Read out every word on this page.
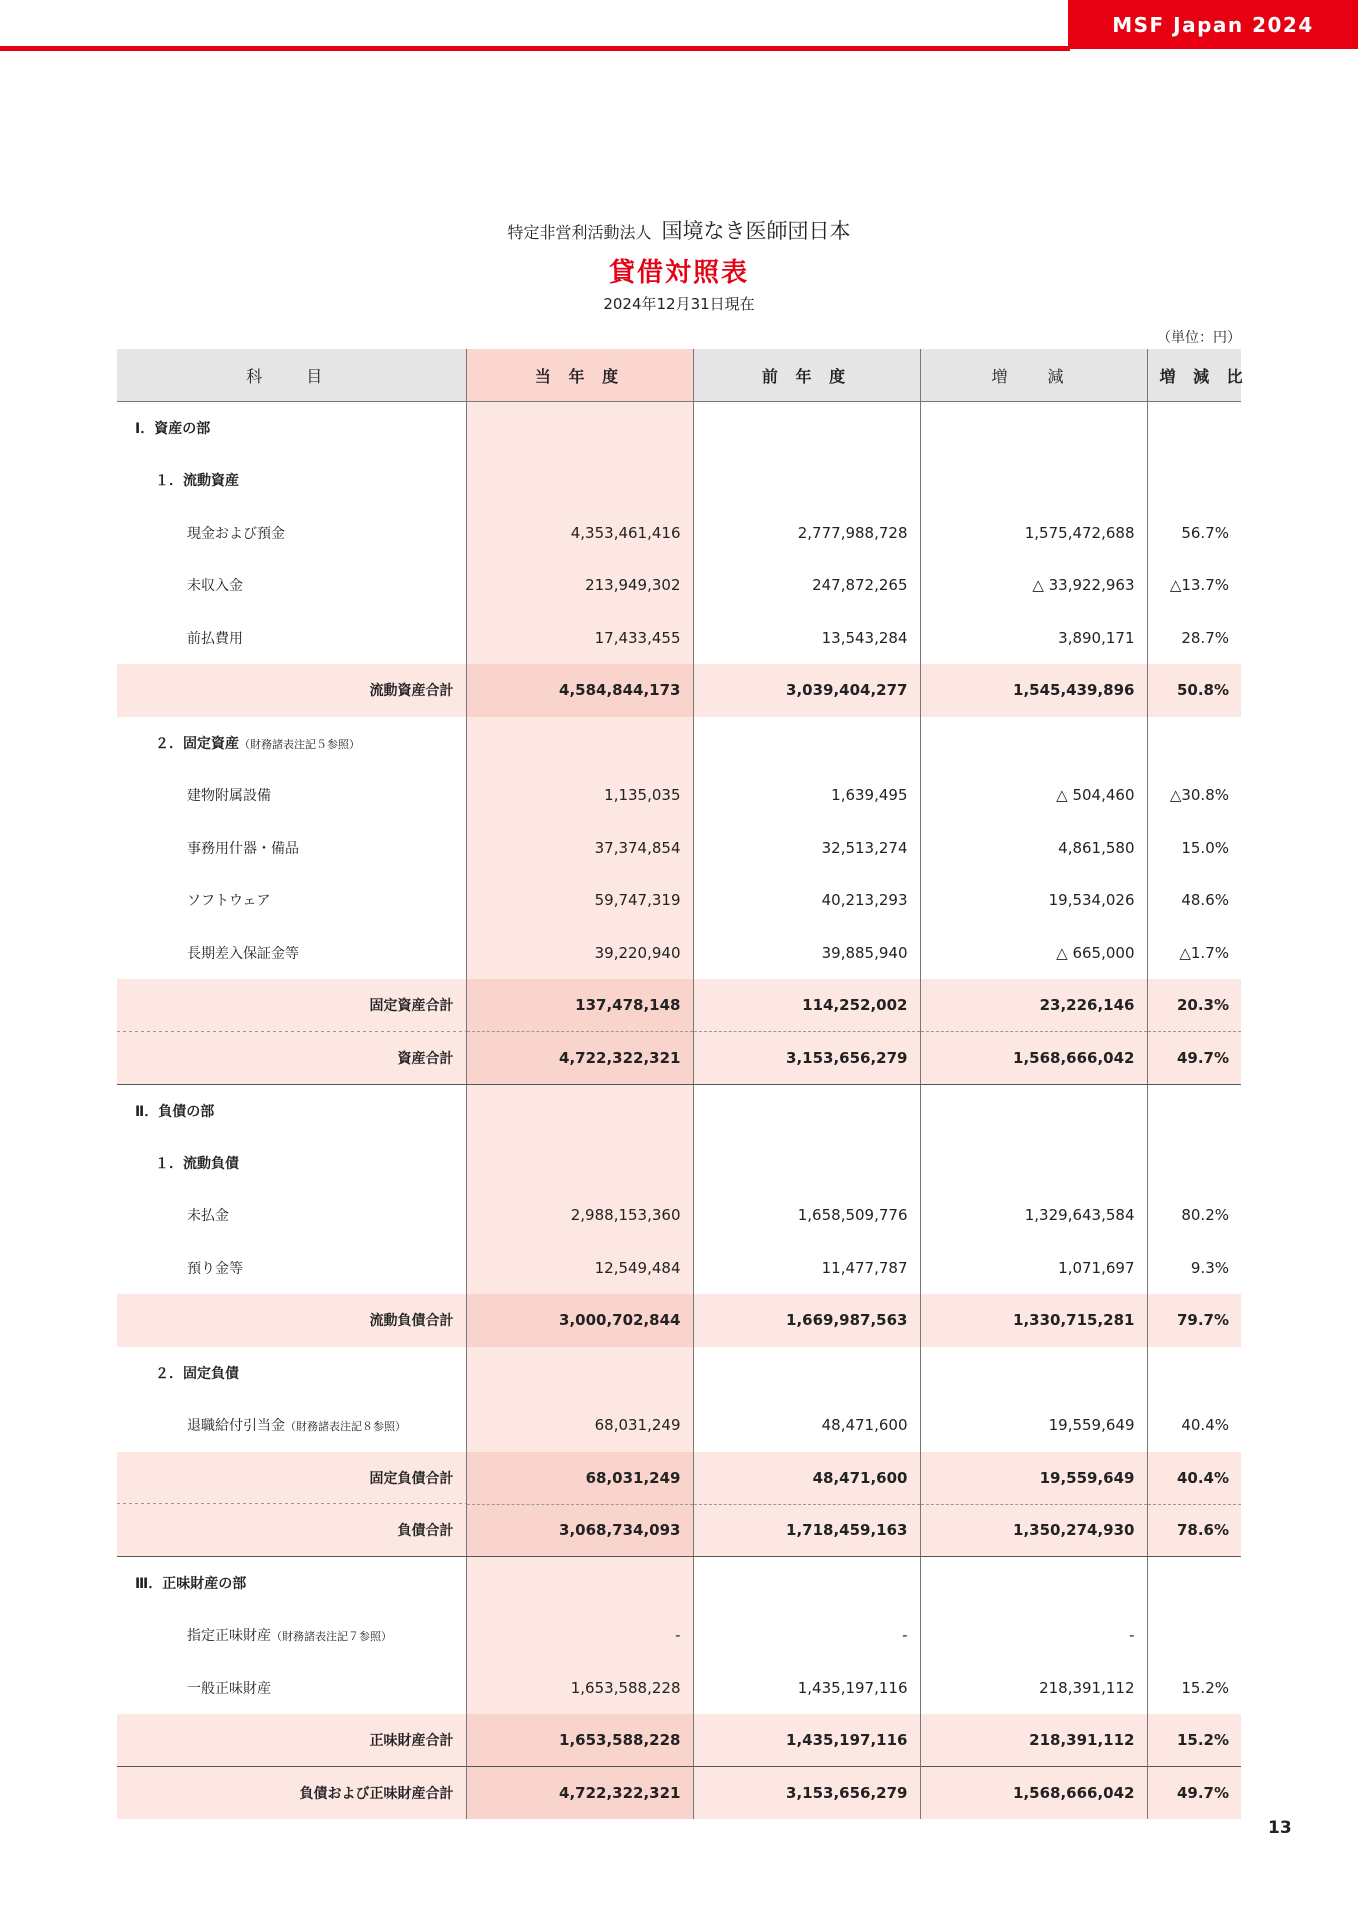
MSF Japan 2024
特定非営利活動法人 国境なき医師団日本
貸借対照表
2024年12月31日現在
（単位：円）
科　目	当 年 度	前 年 度	増　減	増 減 比
Ⅰ．資産の部				
１．流動資産				
現金および預金	4,353,461,416	2,777,988,728	1,575,472,688	56.7%
未収入金	213,949,302	247,872,265	△ 33,922,963	△13.7%
前払費用	17,433,455	13,543,284	3,890,171	28.7%
流動資産合計	4,584,844,173	3,039,404,277	1,545,439,896	50.8%
２．固定資産（財務諸表注記５参照）				
建物附属設備	1,135,035	1,639,495	△ 504,460	△30.8%
事務用什器・備品	37,374,854	32,513,274	4,861,580	15.0%
ソフトウェア	59,747,319	40,213,293	19,534,026	48.6%
長期差入保証金等	39,220,940	39,885,940	△ 665,000	△1.7%
固定資産合計	137,478,148	114,252,002	23,226,146	20.3%
資産合計	4,722,322,321	3,153,656,279	1,568,666,042	49.7%
Ⅱ．負債の部				
１．流動負債				
未払金	2,988,153,360	1,658,509,776	1,329,643,584	80.2%
預り金等	12,549,484	11,477,787	1,071,697	9.3%
流動負債合計	3,000,702,844	1,669,987,563	1,330,715,281	79.7%
２．固定負債				
退職給付引当金（財務諸表注記８参照）	68,031,249	48,471,600	19,559,649	40.4%
固定負債合計	68,031,249	48,471,600	19,559,649	40.4%
負債合計	3,068,734,093	1,718,459,163	1,350,274,930	78.6%
Ⅲ．正味財産の部				
指定正味財産（財務諸表注記７参照）	-	-	-	
一般正味財産	1,653,588,228	1,435,197,116	218,391,112	15.2%
正味財産合計	1,653,588,228	1,435,197,116	218,391,112	15.2%
負債および正味財産合計	4,722,322,321	3,153,656,279	1,568,666,042	49.7%
13
